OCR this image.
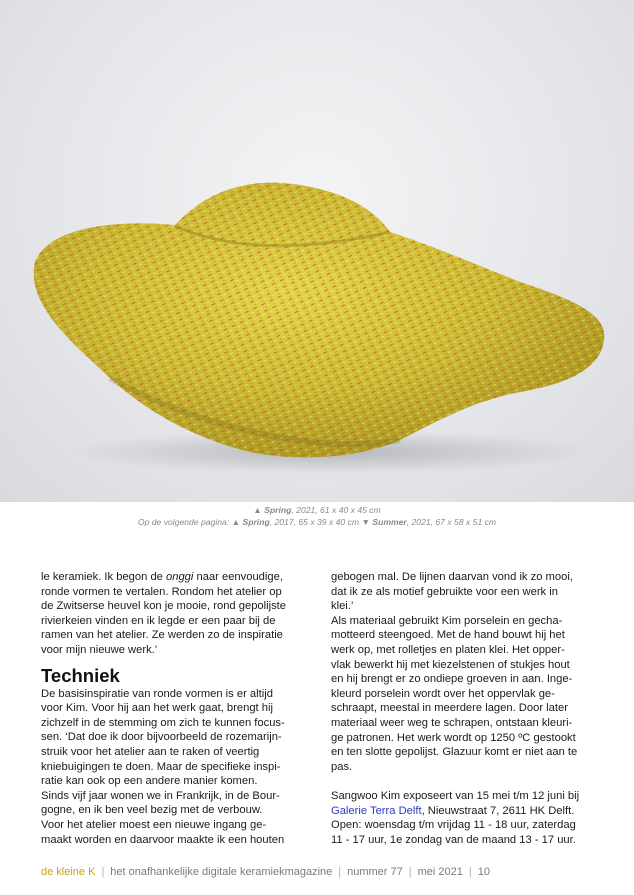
▲ Spring, 2021, 61 x 40 x 45 cm
Op de volgende pagina: ▲ Spring, 2017, 65 x 39 x 40 cm ▼ Summer, 2021, 67 x 58 x 51 cm

le keramiek. Ik begon de onggi naar eenvoudige,

ronde vormen te vertalen. Rondom het atelier op

de Zwitserse heuvel kon je mooie, rond gepolijste

rivierkeien vinden en ik legde er een paar bij de

ramen van het atelier. Ze werden zo de inspiratie

voor mijn nieuwe werk.’

Techniek

De basisinspiratie van ronde vormen is er altijd

voor Kim. Voor hij aan het werk gaat, brengt hij

zichzelf in de stemming om zich te kunnen focus-

sen. ‘Dat doe ik door bijvoorbeeld de rozemarijn-

struik voor het atelier aan te raken of veertig

kniebuigingen te doen. Maar de specifieke inspi-

ratie kan ook op een andere manier komen.

Sinds vijf jaar wonen we in Frankrijk, in de Bour-

gogne, en ik ben veel bezig met de verbouw.

Voor het atelier moest een nieuwe ingang ge-

maakt worden en daarvoor maakte ik een houten

gebogen mal. De lijnen daarvan vond ik zo mooi,

dat ik ze als motief gebruikte voor een werk in

klei.’

Als materiaal gebruikt Kim porselein en gecha-

motteerd steengoed. Met de hand bouwt hij het

werk op, met rolletjes en platen klei. Het opper-

vlak bewerkt hij met kiezelstenen of stukjes hout

en hij brengt er zo ondiepe groeven in aan. Inge-

kleurd porselein wordt over het oppervlak ge-

schraapt, meestal in meerdere lagen. Door later

materiaal weer weg te schrapen, ontstaan kleuri-

ge patronen. Het werk wordt op 1250 ºC gestookt

en ten slotte gepolijst. Glazuur komt er niet aan te

pas.

Sangwoo Kim exposeert van 15 mei t/m 12 juni bij

Galerie Terra Delft, Nieuwstraat 7, 2611 HK Delft.

Open: woensdag t/m vrijdag 11 - 18 uur, zaterdag

11 - 17 uur, 1e zondag van de maand 13 - 17 uur.

de kleine K | het onafhankelijke digitale keramiekmagazine | nummer 77 | mei 2021 | 10
